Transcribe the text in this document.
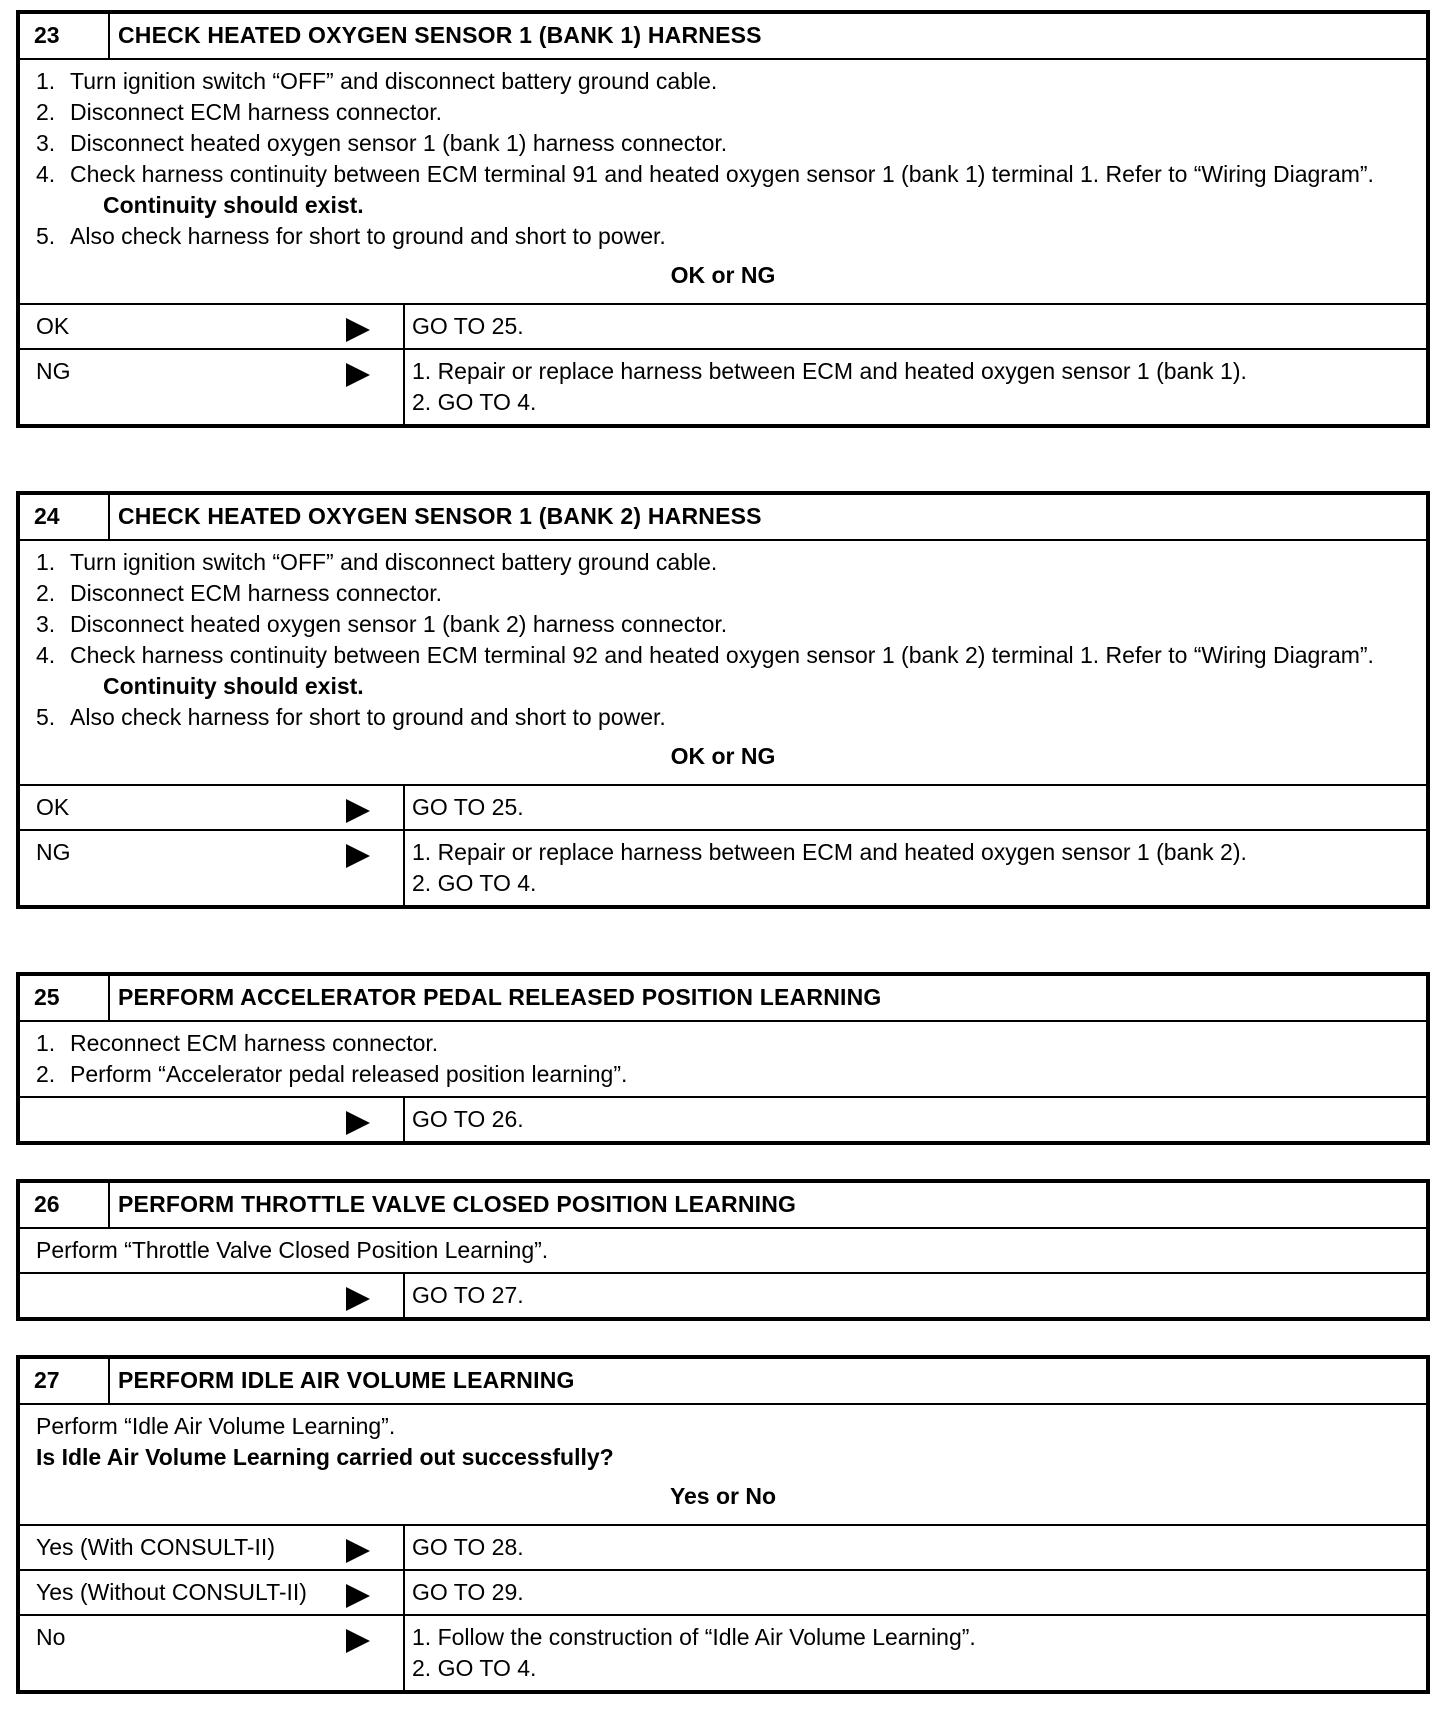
23	CHECK HEATED OXYGEN SENSOR 1 (BANK 1) HARNESS
1. Turn ignition switch “OFF” and disconnect battery ground cable.
2. Disconnect ECM harness connector.
3. Disconnect heated oxygen sensor 1 (bank 1) harness connector.
4. Check harness continuity between ECM terminal 91 and heated oxygen sensor 1 (bank 1) terminal 1. Refer to “Wiring Diagram”.
Continuity should exist.
5. Also check harness for short to ground and short to power.
OK or NG
OK	GO TO 25.
NG	1. Repair or replace harness between ECM and heated oxygen sensor 1 (bank 1).
2. GO TO 4.
24	CHECK HEATED OXYGEN SENSOR 1 (BANK 2) HARNESS
1. Turn ignition switch “OFF” and disconnect battery ground cable.
2. Disconnect ECM harness connector.
3. Disconnect heated oxygen sensor 1 (bank 2) harness connector.
4. Check harness continuity between ECM terminal 92 and heated oxygen sensor 1 (bank 2) terminal 1. Refer to “Wiring Diagram”.
Continuity should exist.
5. Also check harness for short to ground and short to power.
OK or NG
OK	GO TO 25.
NG	1. Repair or replace harness between ECM and heated oxygen sensor 1 (bank 2).
2. GO TO 4.
25	PERFORM ACCELERATOR PEDAL RELEASED POSITION LEARNING
1. Reconnect ECM harness connector.
2. Perform “Accelerator pedal released position learning”.
GO TO 26.
26	PERFORM THROTTLE VALVE CLOSED POSITION LEARNING
Perform “Throttle Valve Closed Position Learning”.
GO TO 27.
27	PERFORM IDLE AIR VOLUME LEARNING
Perform “Idle Air Volume Learning”.
Is Idle Air Volume Learning carried out successfully?
Yes or No
Yes (With CONSULT-II)	GO TO 28.
Yes (Without CONSULT-II)	GO TO 29.
No	1. Follow the construction of “Idle Air Volume Learning”.
2. GO TO 4.
